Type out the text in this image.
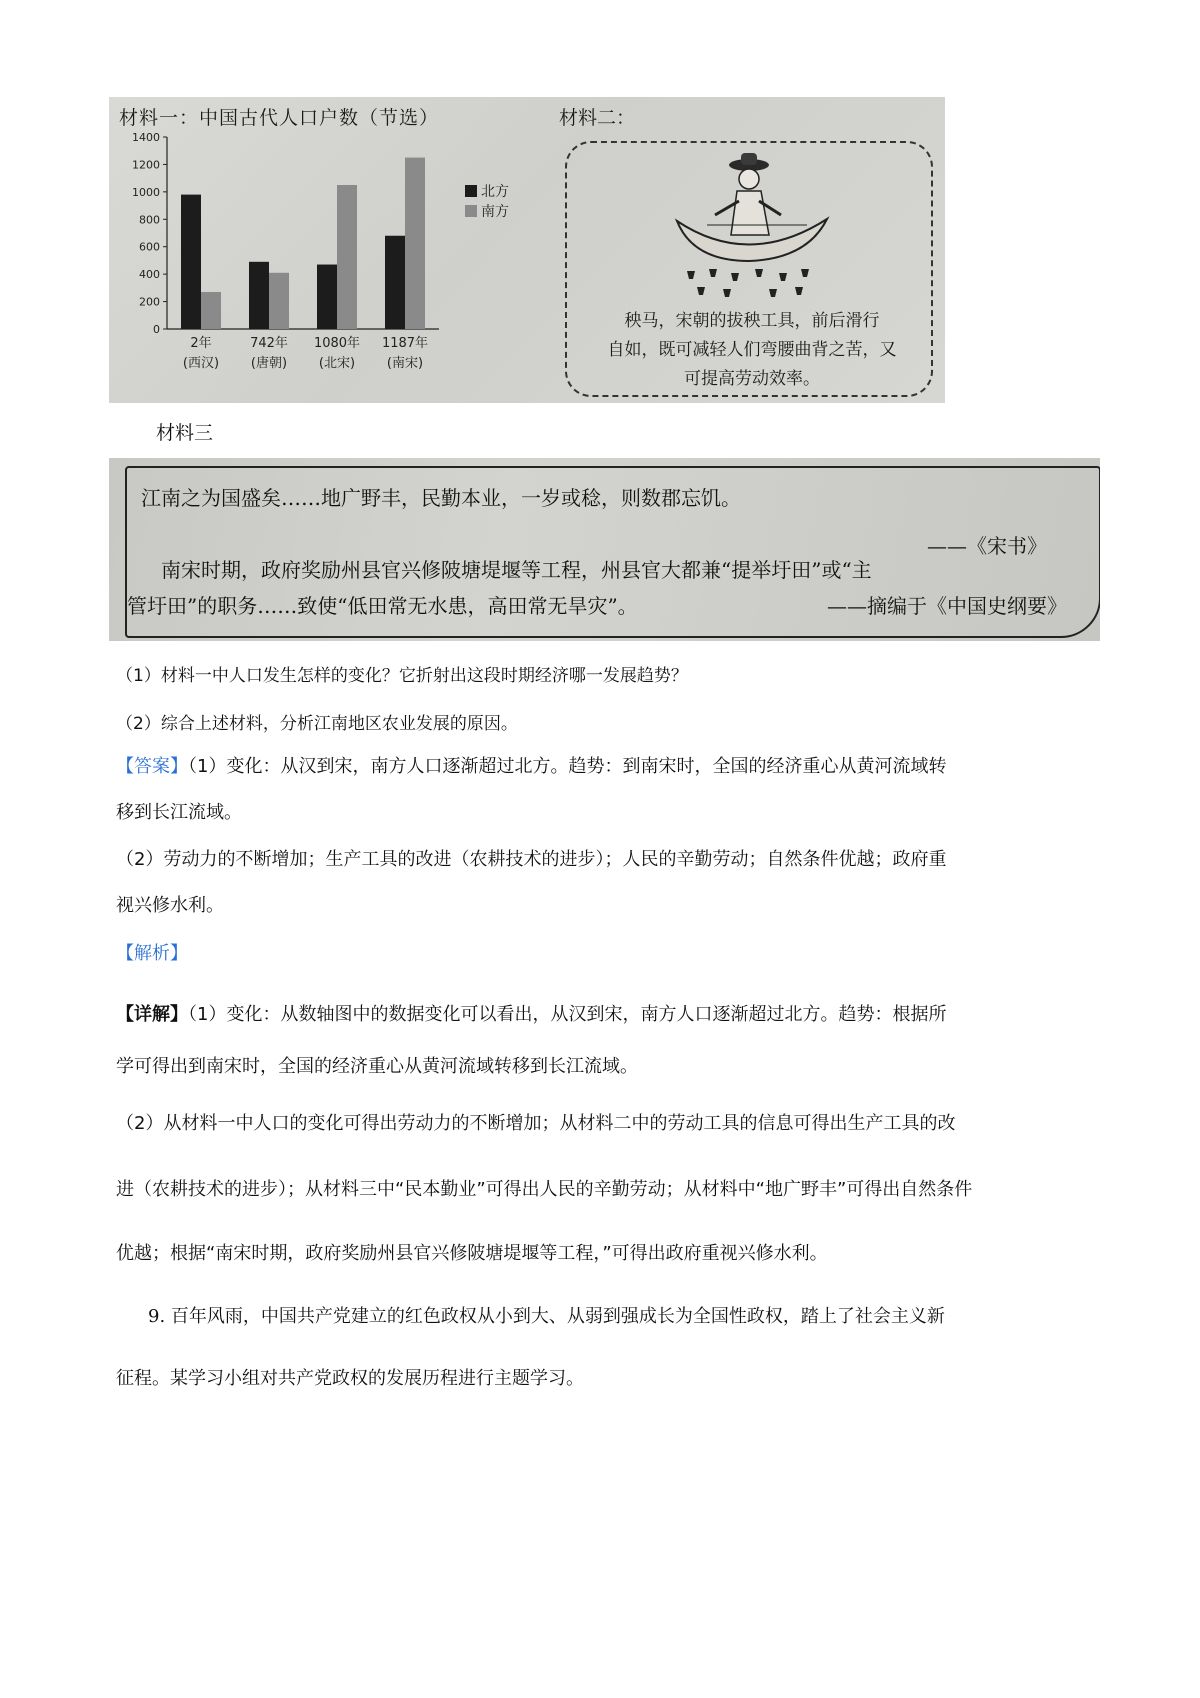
材料一：中国古代人口户数（节选）
0
200
400
600
800
1000
1200
1400
2年
(西汉)
742年
(唐朝)
1080年
(北宋)
1187年
(南宋)
北方
南方
材料二：
秧马，宋朝的拔秧工具，前后滑行
自如，既可减轻人们弯腰曲背之苦，又
可提高劳动效率。
材料三
江南之为国盛矣……地广野丰，民勤本业，一岁或稔，则数郡忘饥。
——《宋书》
南宋时期，政府奖励州县官兴修陂塘堤堰等工程，州县官大都兼“提举圩田”或“主
管圩田”的职务……致使“低田常无水患，高田常无旱灾”。	——摘编于《中国史纲要》
（1）材料一中人口发生怎样的变化？它折射出这段时期经济哪一发展趋势？
（2）综合上述材料，分析江南地区农业发展的原因。
【答案】（1）变化：从汉到宋，南方人口逐渐超过北方。趋势：到南宋时，全国的经济重心从黄河流域转
移到长江流域。
（2）劳动力的不断增加；生产工具的改进（农耕技术的进步）；人民的辛勤劳动；自然条件优越；政府重
视兴修水利。
【解析】
【详解】（1）变化：从数轴图中的数据变化可以看出，从汉到宋，南方人口逐渐超过北方。趋势：根据所
学可得出到南宋时，全国的经济重心从黄河流域转移到长江流域。
（2）从材料一中人口的变化可得出劳动力的不断增加；从材料二中的劳动工具的信息可得出生产工具的改
进（农耕技术的进步）；从材料三中“民本勤业”可得出人民的辛勤劳动；从材料中“地广野丰”可得出自然条件
优越；根据“南宋时期，政府奖励州县官兴修陂塘堤堰等工程，”可得出政府重视兴修水利。
9. 百年风雨，中国共产党建立的红色政权从小到大、从弱到强成长为全国性政权，踏上了社会主义新
征程。某学习小组对共产党政权的发展历程进行主题学习。
